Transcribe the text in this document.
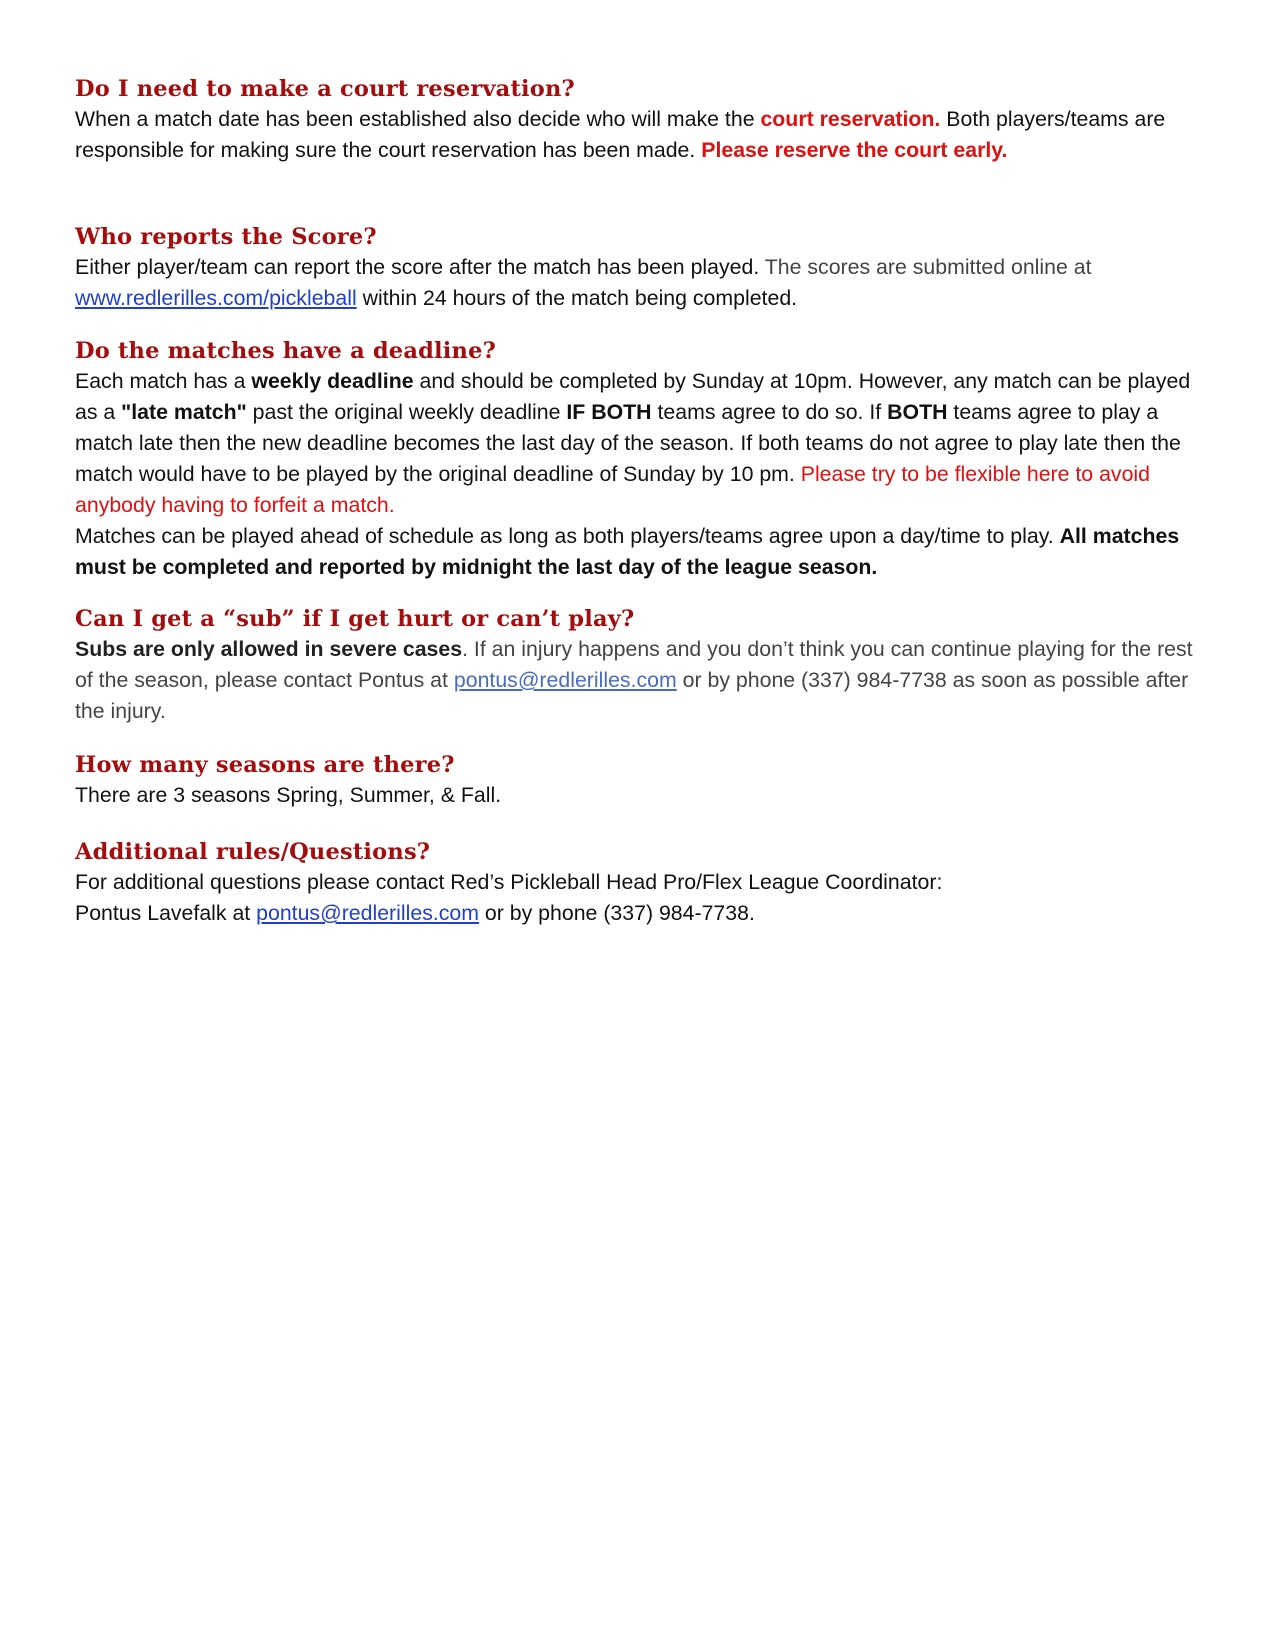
Do I need to make a court reservation?

When a match date has been established also decide who will make the court reservation. Both players/teams are responsible for making sure the court reservation has been made. Please reserve the court early.

Who reports the Score?

Either player/team can report the score after the match has been played. The scores are submitted online at
www.redlerilles.com/pickleball within 24 hours of the match being completed.

Do the matches have a deadline?

Each match has a weekly deadline and should be completed by Sunday at 10pm. However, any match can be played as a "late match" past the original weekly deadline IF BOTH teams agree to do so. If BOTH teams agree to play a match late then the new deadline becomes the last day of the season. If both teams do not agree to play late then the match would have to be played by the original deadline of Sunday by 10 pm. Please try to be flexible here to avoid anybody having to forfeit a match.

Matches can be played ahead of schedule as long as both players/teams agree upon a day/time to play. All matches must be completed and reported by midnight the last day of the league season.

Can I get a “sub” if I get hurt or can’t play?

Subs are only allowed in severe cases. If an injury happens and you don’t think you can continue playing for the rest of the season, please contact Pontus at pontus@redlerilles.com or by phone (337) 984-7738 as soon as possible after the injury.

How many seasons are there?

There are 3 seasons Spring, Summer, & Fall.

Additional rules/Questions?

For additional questions please contact Red’s Pickleball Head Pro/Flex League Coordinator:

Pontus Lavefalk at pontus@redlerilles.com or by phone (337) 984-7738.
